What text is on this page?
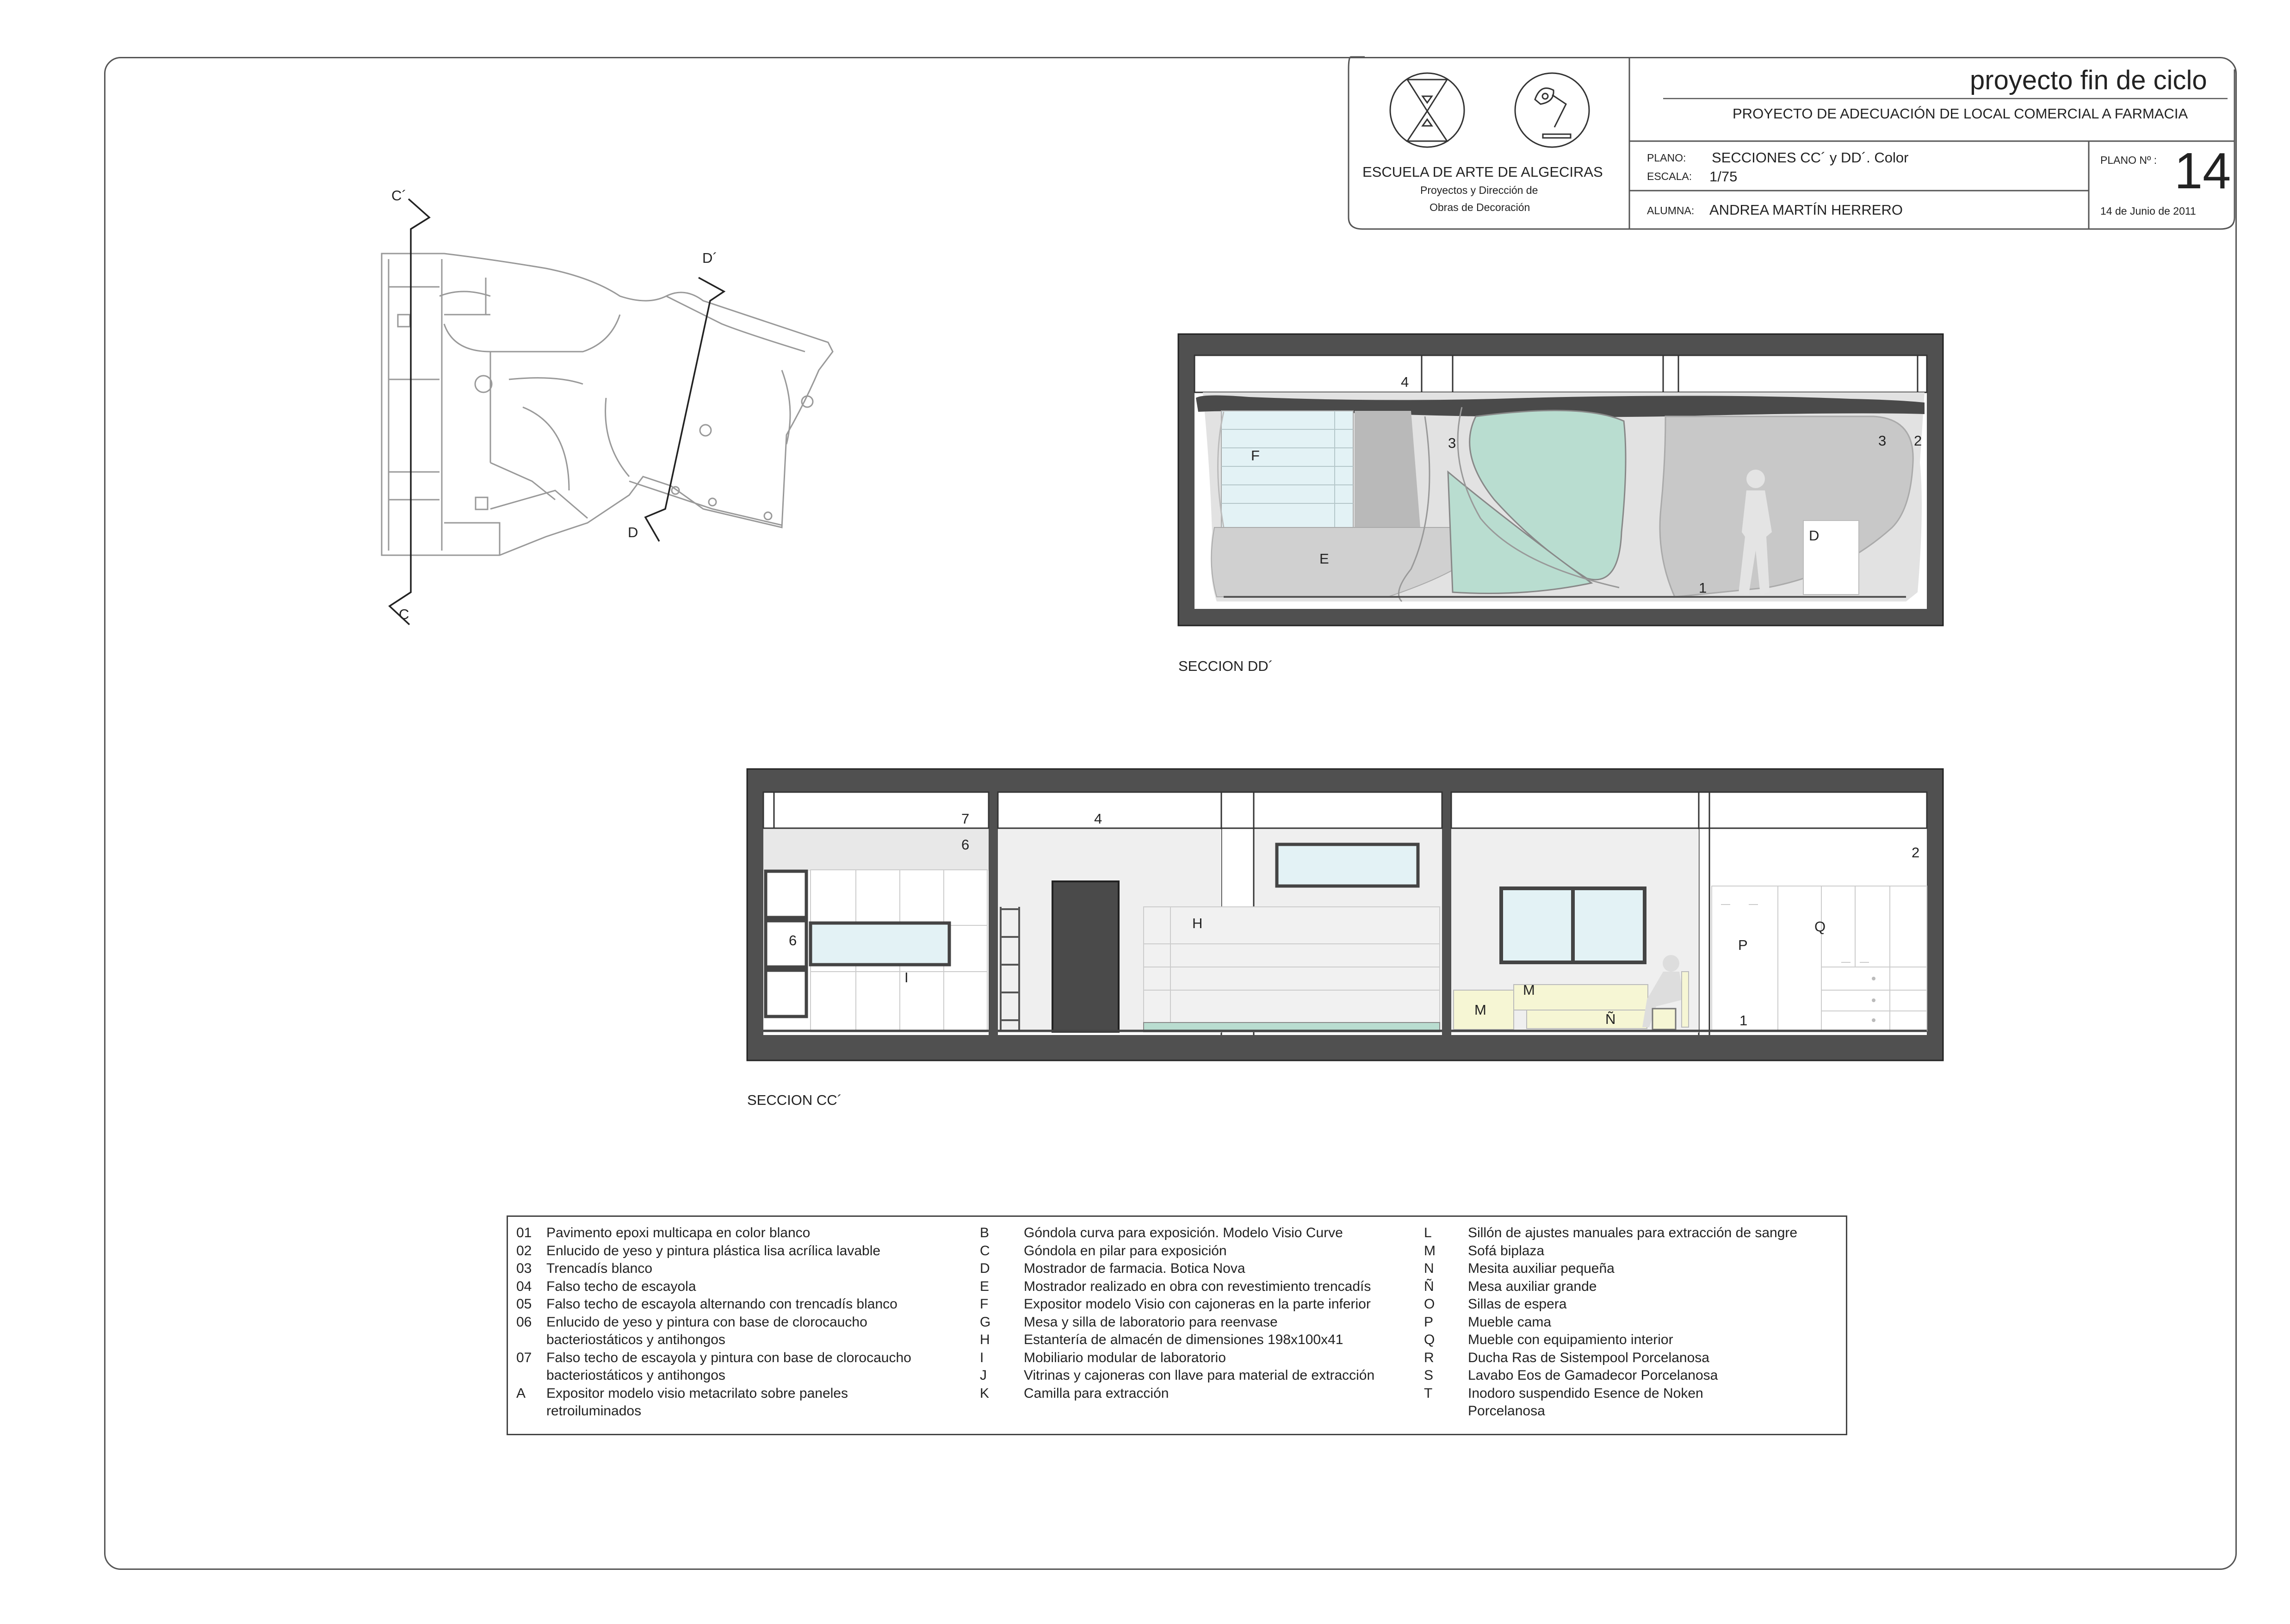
proyecto fin de ciclo
PROYECTO DE ADECUACIÓN DE LOCAL COMERCIAL A FARMACIA
ESCUELA DE ARTE DE ALGECIRAS
Proyectos y Dirección de
Obras de Decoración
PLANO: SECCIONES CC´ y DD´. Color
ESCALA: 1/75
PLANO Nº : 14
ALUMNA: ANDREA MARTÍN HERRERO	14 de Junio de 2011
C´
C
D´
D
4
3	3 2
F
E
D
1
SECCION DD´
7
6
6
4
I
H
2
M
M
Ñ
P
Q
1
SECCION CC´
01	Pavimento epoxi multicapa en color blanco
02	Enlucido de yeso y pintura plástica lisa acrílica lavable
03	Trencadís blanco
04	Falso techo de escayola
05	Falso techo de escayola alternando con trencadís blanco
06	Enlucido de yeso y pintura con base de clorocaucho
bacteriostáticos y antihongos
07	Falso techo de escayola y pintura con base de clorocaucho
bacteriostáticos y antihongos
A	Expositor modelo visio metacrilato sobre paneles
retroiluminados
B	Góndola curva para exposición. Modelo Visio Curve
C	Góndola en pilar para exposición
D	Mostrador de farmacia. Botica Nova
E	Mostrador realizado en obra con revestimiento trencadís
F	Expositor modelo Visio con cajoneras en la parte inferior
G	Mesa y silla de laboratorio para reenvase
H	Estantería de almacén de dimensiones 198x100x41
I	Mobiliario modular de laboratorio
J	Vitrinas y cajoneras con llave para material de extracción
K	Camilla para extracción
L	Sillón de ajustes manuales para extracción de sangre
M	Sofá biplaza
N	Mesita auxiliar pequeña
Ñ	Mesa auxiliar grande
O	Sillas de espera
P	Mueble cama
Q	Mueble con equipamiento interior
R	Ducha Ras de Sistempool Porcelanosa
S	Lavabo Eos de Gamadecor Porcelanosa
T	Inodoro suspendido Esence de Noken
Porcelanosa
